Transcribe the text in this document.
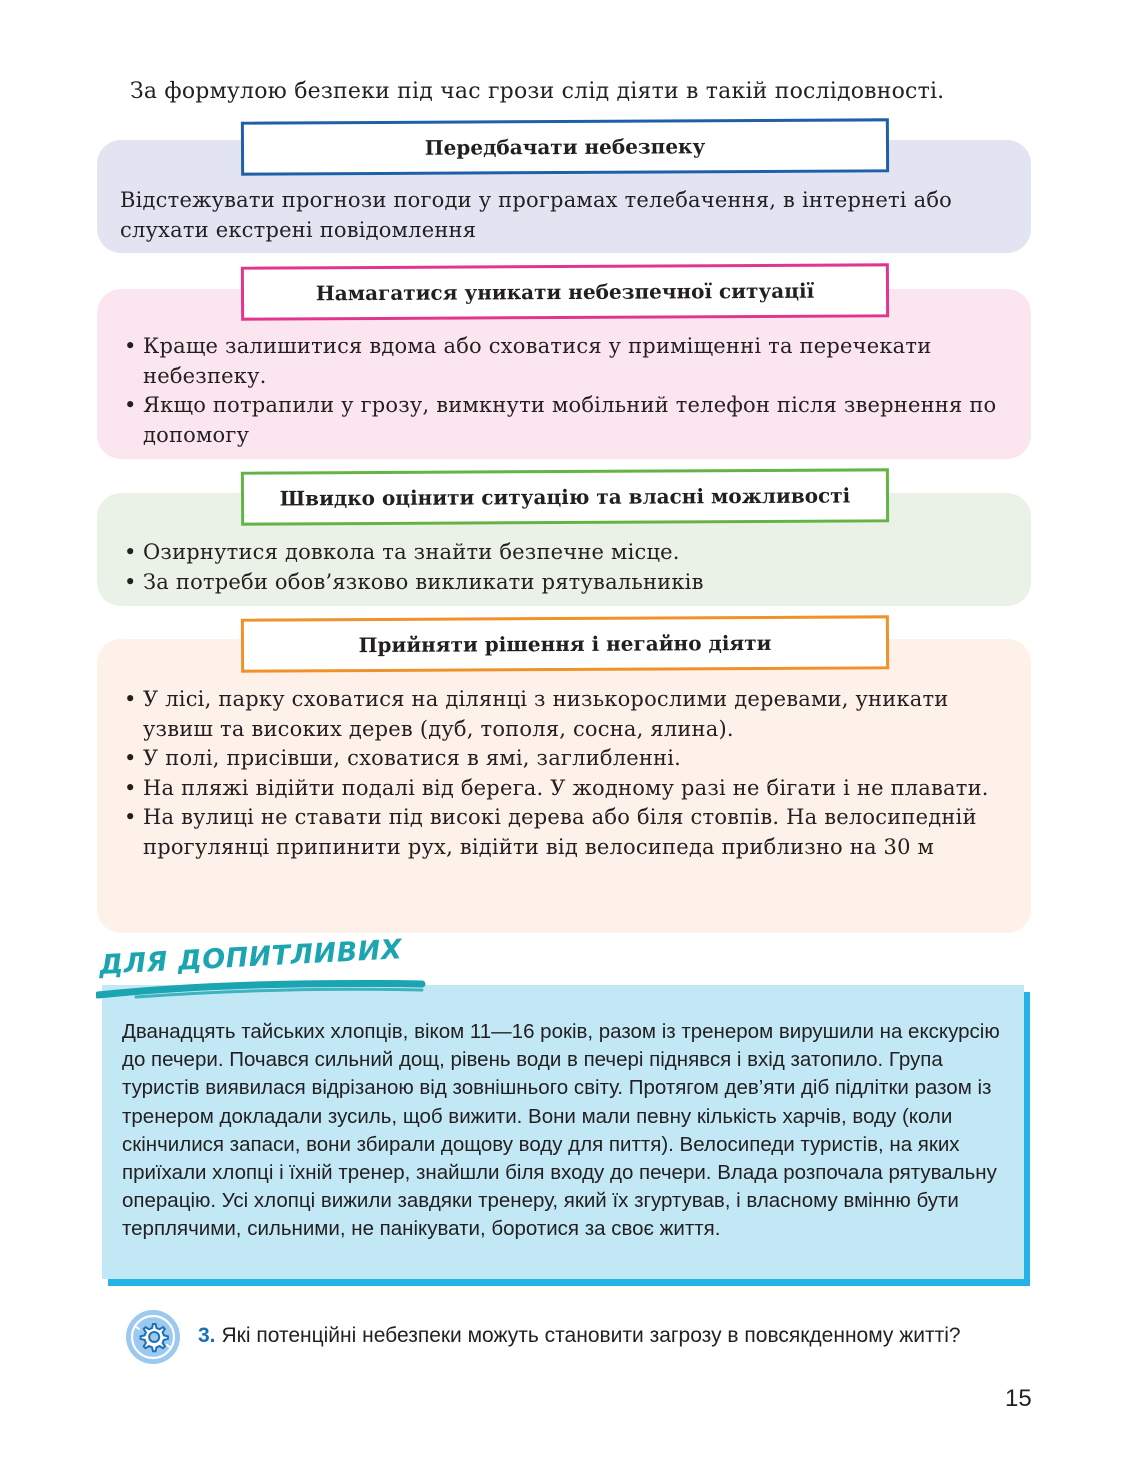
За формулою безпеки під час грози слід діяти в такій послідовності.
Передбачати небезпеку
Відстежувати прогнози погоди у програмах телебачення, в інтернеті або слухати екстрені повідомлення
Намагатися уникати небезпечної ситуації
• Краще залишитися вдома або сховатися у приміщенні та перечекати небезпеку.
• Якщо потрапили у грозу, вимкнути мобільний телефон після звернення по допомогу
Швидко оцінити ситуацію та власні можливості
• Озирнутися довкола та знайти безпечне місце.
• За потреби обов’язково викликати рятувальників
Прийняти рішення і негайно діяти
• У лісі, парку сховатися на ділянці з низькорослими деревами, уникати узвиш та високих дерев (дуб, тополя, сосна, ялина).
• У полі, присівши, сховатися в ямі, заглибленні.
• На пляжі відійти подалі від берега. У жодному разі не бігати і не плавати.
• На вулиці не ставати під високі дерева або біля стовпів. На велосипедній прогулянці припинити рух, відійти від велосипеда приблизно на 30 м
ДЛЯ ДОПИТЛИВИХ
Дванадцять тайських хлопців, віком 11—16 років, разом із тренером вирушили на екскурсію до печери. Почався сильний дощ, рівень води в печері піднявся і вхід затопило. Група туристів виявилася відрізаною від зовнішнього світу. Протягом дев’яти діб підлітки разом із тренером докладали зусиль, щоб вижити. Вони мали певну кількість харчів, воду (коли скінчилися запаси, вони збирали дощову воду для пиття). Велосипеди туристів, на яких приїхали хлопці і їхній тренер, знайшли біля входу до печери. Влада розпочала рятувальну операцію. Усі хлопці вижили завдяки тренеру, який їх згуртував, і власному вмінню бути терплячими, сильними, не панікувати, боротися за своє життя.
3. Які потенційні небезпеки можуть становити загрозу в повсякденному житті?
15
